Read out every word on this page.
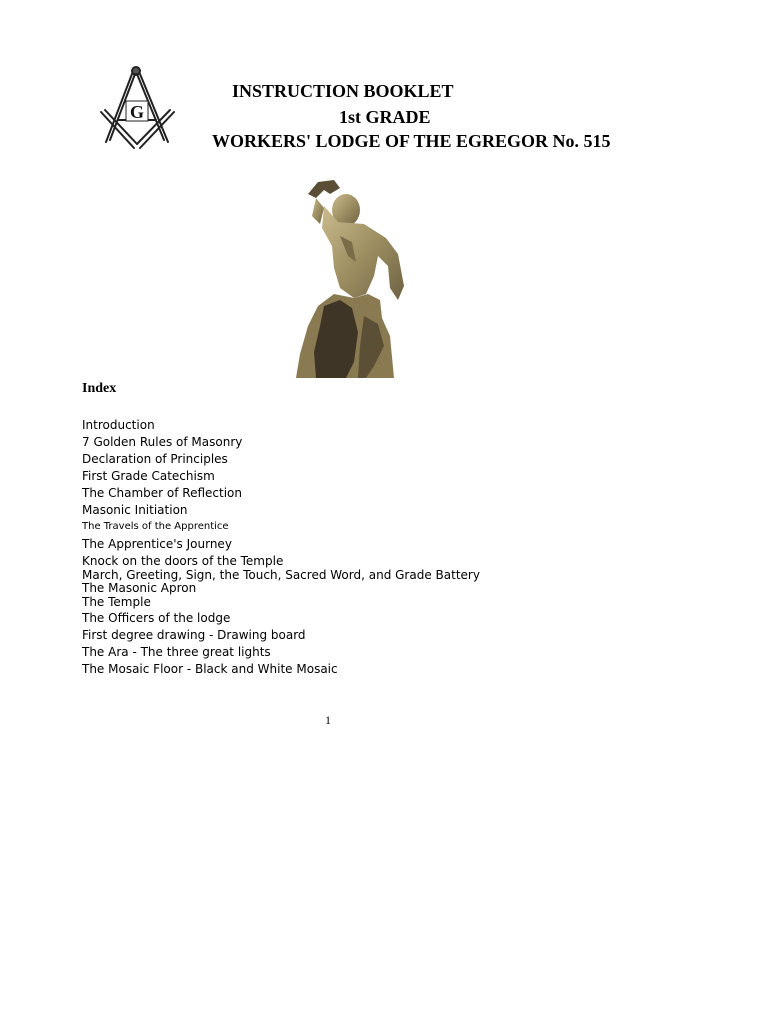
G
INSTRUCTION BOOKLET
1st GRADE
WORKERS' LODGE OF THE EGREGOR No. 515
Index
Introduction
7 Golden Rules of Masonry
Declaration of Principles
First Grade Catechism
The Chamber of Reflection
Masonic Initiation
The Travels of the Apprentice
The Apprentice's Journey
Knock on the doors of the Temple
March, Greeting, Sign, the Touch, Sacred Word, and Grade Battery
The Masonic Apron
The Temple
The Officers of the lodge
First degree drawing - Drawing board
The Ara - The three great lights
The Mosaic Floor - Black and White Mosaic
1
